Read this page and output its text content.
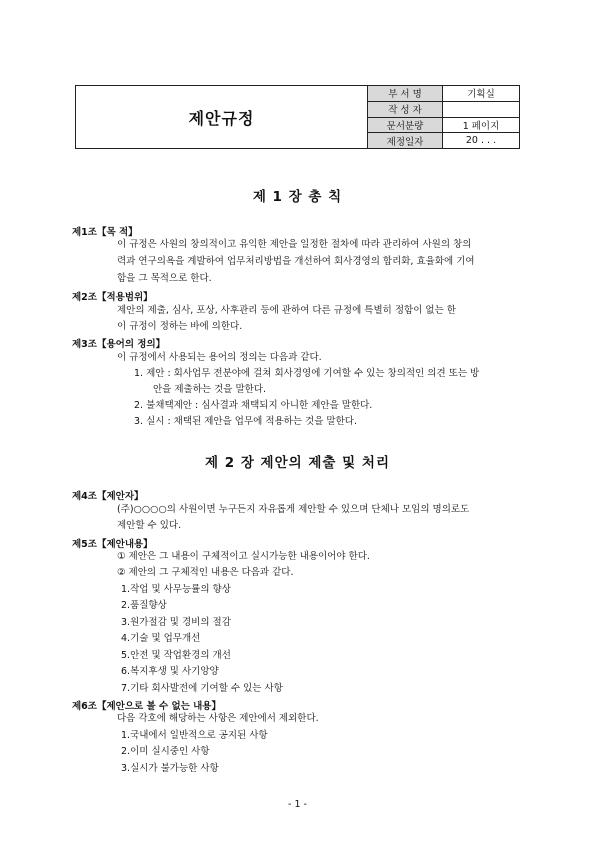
제안규정
부 서 명	기획실
작 성 자
문서분량	1 페이지
제정일자	20 . . .
제 1 장 총 칙
제1조【목 적】
이 규정은 사원의 창의적이고 유익한 제안을 일정한 절차에 따라 관리하여 사원의 창의
력과 연구의욕을 계발하여 업무처리방법을 개선하여 회사경영의 합리화, 효율화에 기여
함을 그 목적으로 한다.
제2조【적용범위】
제안의 제출, 심사, 포상, 사후관리 등에 관하여 다른 규정에 특별히 정함이 없는 한
이 규정이 정하는 바에 의한다.
제3조【용어의 정의】
이 규정에서 사용되는 용어의 정의는 다음과 같다.
1. 제안 : 회사업무 전분야에 걸쳐 회사경영에 기여할 수 있는 창의적인 의견 또는 방
안을 제출하는 것을 말한다.
2. 불채택제안 : 심사결과 채택되지 아니한 제안을 말한다.
3. 실시 : 채택된 제안을 업무에 적용하는 것을 말한다.
제 2 장 제안의 제출 및 처리
제4조【제안자】
(주)○○○○의 사원이면 누구든지 자유롭게 제안할 수 있으며 단체나 모임의 명의로도
제안할 수 있다.
제5조【제안내용】
① 제안은 그 내용이 구체적이고 실시가능한 내용이어야 한다.
② 제안의 그 구체적인 내용은 다음과 같다.
1.작업 및 사무능률의 향상
2.품질향상
3.원가절감 및 경비의 절감
4.기술 및 업무개선
5.안전 및 작업환경의 개선
6.복지후생 및 사기앙양
7.기타 회사발전에 기여할 수 있는 사항
제6조【제안으로 볼 수 없는 내용】
다음 각호에 해당하는 사항은 제안에서 제외한다.
1.국내에서 일반적으로 공지된 사항
2.이미 실시중인 사항
3.실시가 불가능한 사항
- 1 -
